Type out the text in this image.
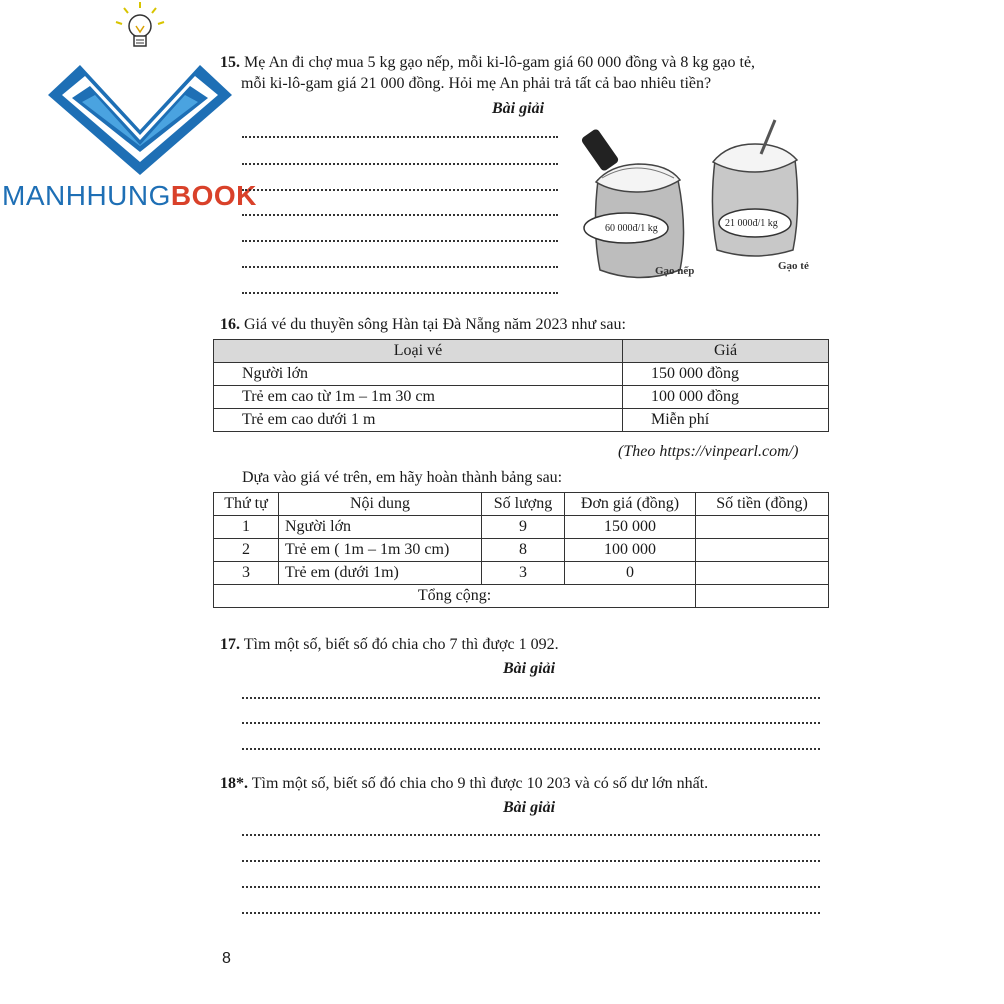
MANHHUNGBOOK
15. Mẹ An đi chợ mua 5 kg gạo nếp, mỗi ki-lô-gam giá 60 000 đồng và 8 kg gạo tẻ,
mỗi ki-lô-gam giá 21 000 đồng. Hỏi mẹ An phải trả tất cả bao nhiêu tiền?
Bài giải
60 000đ/1 kg
Gạo nếp
21 000đ/1 kg
Gạo tẻ
16. Giá vé du thuyền sông Hàn tại Đà Nẵng năm 2023 như sau:
Loại vé	Giá
Người lớn	150 000 đồng
Trẻ em cao từ 1m – 1m 30 cm	100 000 đồng
Trẻ em cao dưới 1 m	Miễn phí
(Theo https://vinpearl.com/)
Dựa vào giá vé trên, em hãy hoàn thành bảng sau:
Thứ tự	Nội dung	Số lượng	Đơn giá (đồng)	Số tiền (đồng)
1	Người lớn	9	150 000	
2	Trẻ em ( 1m – 1m 30 cm)	8	100 000	
3	Trẻ em (dưới 1m)	3	0	
Tổng cộng:				
17. Tìm một số, biết số đó chia cho 7 thì được 1 092.
Bài giải
18*. Tìm một số, biết số đó chia cho 9 thì được 10 203 và có số dư lớn nhất.
Bài giải
8
